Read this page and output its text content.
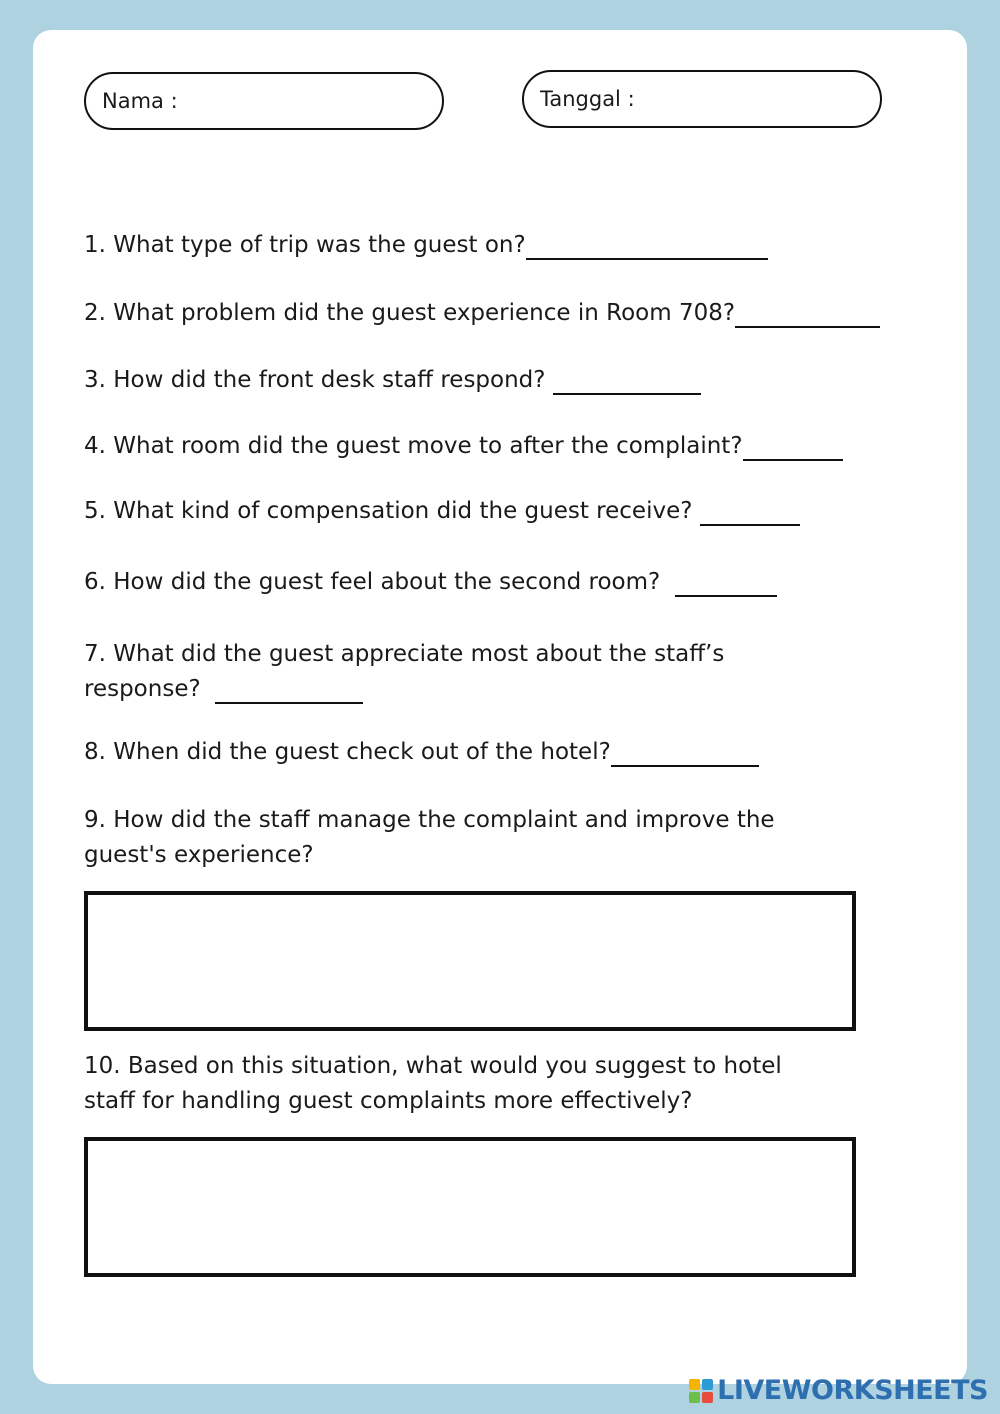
Nama :	Tanggal :
1. What type of trip was the guest on?
2. What problem did the guest experience in Room 708?
3. How did the front desk staff respond?
4. What room did the guest move to after the complaint?
5. What kind of compensation did the guest receive?
6. How did the guest feel about the second room?
7. What did the guest appreciate most about the staff’s
response?
8. When did the guest check out of the hotel?
9. How did the staff manage the complaint and improve the
guest's experience?
10. Based on this situation, what would you suggest to hotel
staff for handling guest complaints more effectively?
LIVEWORKSHEETS
